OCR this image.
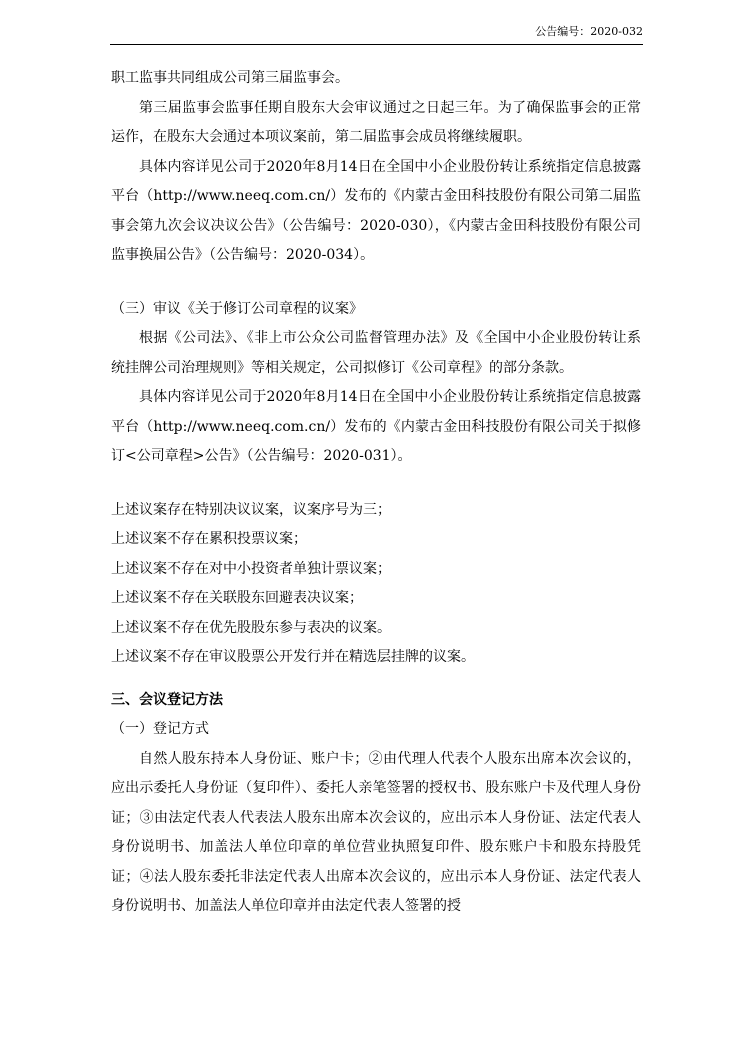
公告编号：2020-032

职工监事共同组成公司第三届监事会。

第三届监事会监事任期自股东大会审议通过之日起三年。为了确保监事会的正常运作，在股东大会通过本项议案前，第二届监事会成员将继续履职。

具体内容详见公司于2020年8月14日在全国中小企业股份转让系统指定信息披露平台（http://www.neeq.com.cn/）发布的《内蒙古金田科技股份有限公司第二届监事会第九次会议决议公告》（公告编号：2020-030），《内蒙古金田科技股份有限公司监事换届公告》（公告编号：2020-034）。

（三）审议《关于修订公司章程的议案》

根据《公司法》、《非上市公众公司监督管理办法》及《全国中小企业股份转让系统挂牌公司治理规则》等相关规定，公司拟修订《公司章程》的部分条款。

具体内容详见公司于2020年8月14日在全国中小企业股份转让系统指定信息披露平台（http://www.neeq.com.cn/）发布的《内蒙古金田科技股份有限公司关于拟修订<公司章程>公告》（公告编号：2020-031）。

上述议案存在特别决议议案，议案序号为三；

上述议案不存在累积投票议案；

上述议案不存在对中小投资者单独计票议案；

上述议案不存在关联股东回避表决议案；

上述议案不存在优先股股东参与表决的议案。

上述议案不存在审议股票公开发行并在精选层挂牌的议案。

三、会议登记方法

（一）登记方式

自然人股东持本人身份证、账户卡；②由代理人代表个人股东出席本次会议的，应出示委托人身份证（复印件）、委托人亲笔签署的授权书、股东账户卡及代理人身份证；③由法定代表人代表法人股东出席本次会议的，应出示本人身份证、法定代表人身份说明书、加盖法人单位印章的单位营业执照复印件、股东账户卡和股东持股凭证；④法人股东委托非法定代表人出席本次会议的，应出示本人身份证、法定代表人身份说明书、加盖法人单位印章并由法定代表人签署的授
